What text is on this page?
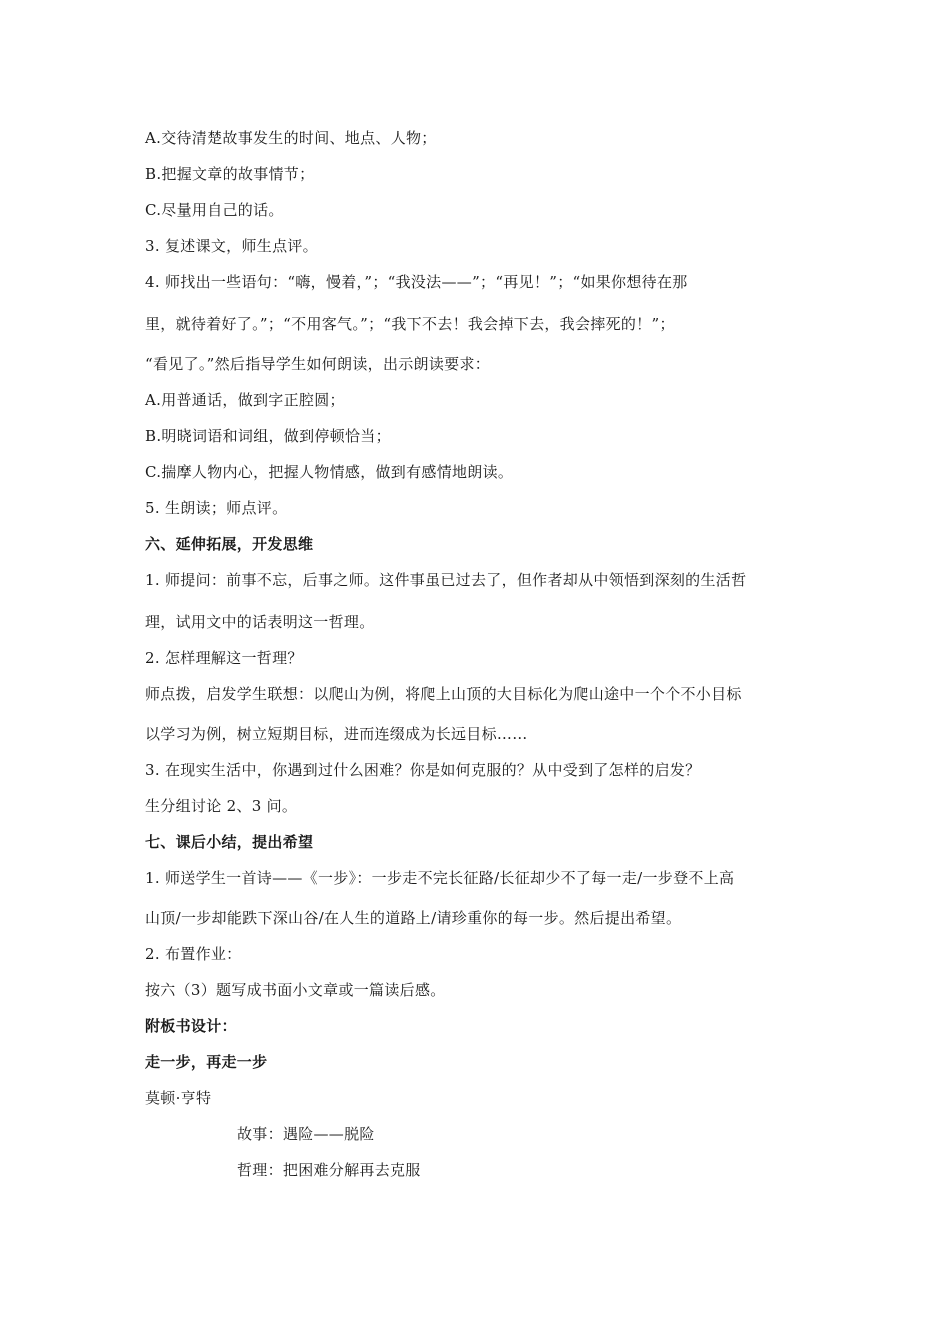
A.交待清楚故事发生的时间、地点、人物；
B.把握文章的故事情节；
C.尽量用自己的话。
3. 复述课文，师生点评。
4. 师找出一些语句：“嗨，慢着，”；“我没法——”；“再见！”；“如果你想待在那
里，就待着好了。”；“不用客气。”；“我下不去！我会掉下去，我会摔死的！”；
“看见了。”然后指导学生如何朗读，出示朗读要求：
A.用普通话，做到字正腔圆；
B.明晓词语和词组，做到停顿恰当；
C.揣摩人物内心，把握人物情感，做到有感情地朗读。
5. 生朗读；师点评。
六、延伸拓展，开发思维
1. 师提问：前事不忘，后事之师。这件事虽已过去了，但作者却从中领悟到深刻的生活哲
理，试用文中的话表明这一哲理。
2. 怎样理解这一哲理？
师点拨，启发学生联想：以爬山为例，将爬上山顶的大目标化为爬山途中一个个不小目标
以学习为例，树立短期目标，进而连缀成为长远目标……
3. 在现实生活中，你遇到过什么困难？你是如何克服的？从中受到了怎样的启发？
生分组讨论 2、3 问。
七、课后小结，提出希望
1. 师送学生一首诗——《一步》：一步走不完长征路/长征却少不了每一走/一步登不上高
山顶/一步却能跌下深山谷/在人生的道路上/请珍重你的每一步。然后提出希望。
2. 布置作业：
按六（3）题写成书面小文章或一篇读后感。
附板书设计：
走一步，再走一步
莫顿·亨特
故事：遇险——脱险
哲理：把困难分解再去克服
